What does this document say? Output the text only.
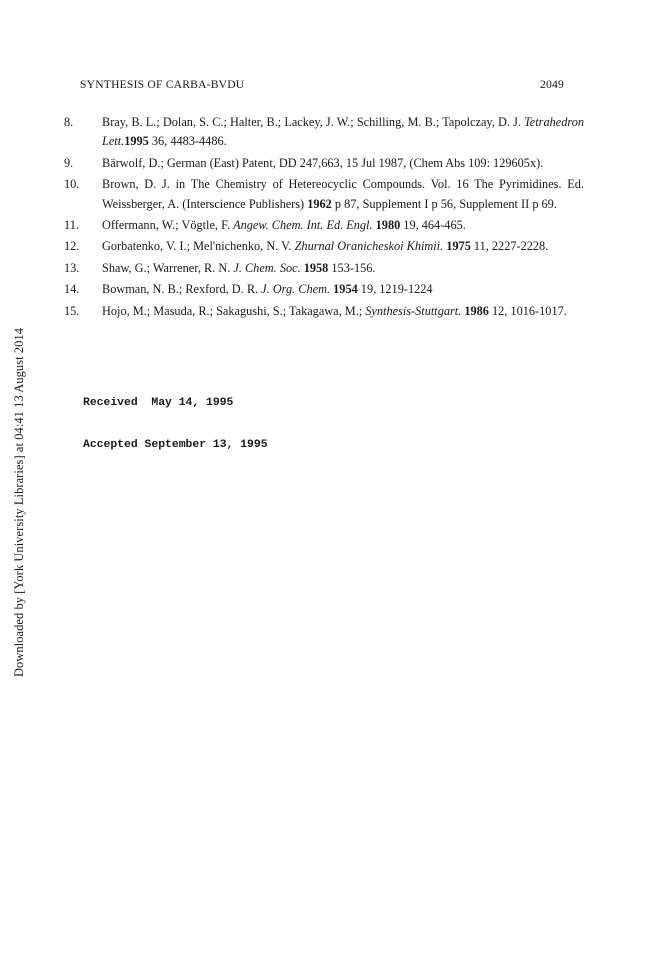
SYNTHESIS OF CARBA-BVDU	2049
8. Bray, B. L.; Dolan, S. C.; Halter, B.; Lackey, J. W.; Schilling, M. B.; Tapolczay, D. J. Tetrahedron Lett.1995 36, 4483-4486.
9. Bärwolf, D.; German (East) Patent, DD 247,663, 15 Jul 1987, (Chem Abs 109: 129605x).
10. Brown, D. J. in The Chemistry of Hetereocyclic Compounds. Vol. 16 The Pyrimidines. Ed. Weissberger, A. (Interscience Publishers) 1962 p 87, Supplement I p 56, Supplement II p 69.
11. Offermann, W.; Vögtle, F. Angew. Chem. Int. Ed. Engl. 1980 19, 464-465.
12. Gorbatenko, V. I.; Mel'nichenko, N. V. Zhurnal Oranicheskoi Khimii. 1975 11, 2227-2228.
13. Shaw, G.; Warrener, R. N. J. Chem. Soc. 1958 153-156.
14. Bowman, N. B.; Rexford, D. R. J. Org. Chem. 1954 19, 1219-1224
15. Hojo, M.; Masuda, R.; Sakagushi, S.; Takagawa, M.; Synthesis-Stuttgart. 1986 12, 1016-1017.

Received  May 14, 1995

Accepted September 13, 1995

Downloaded by [York University Libraries] at 04:41 13 August 2014
